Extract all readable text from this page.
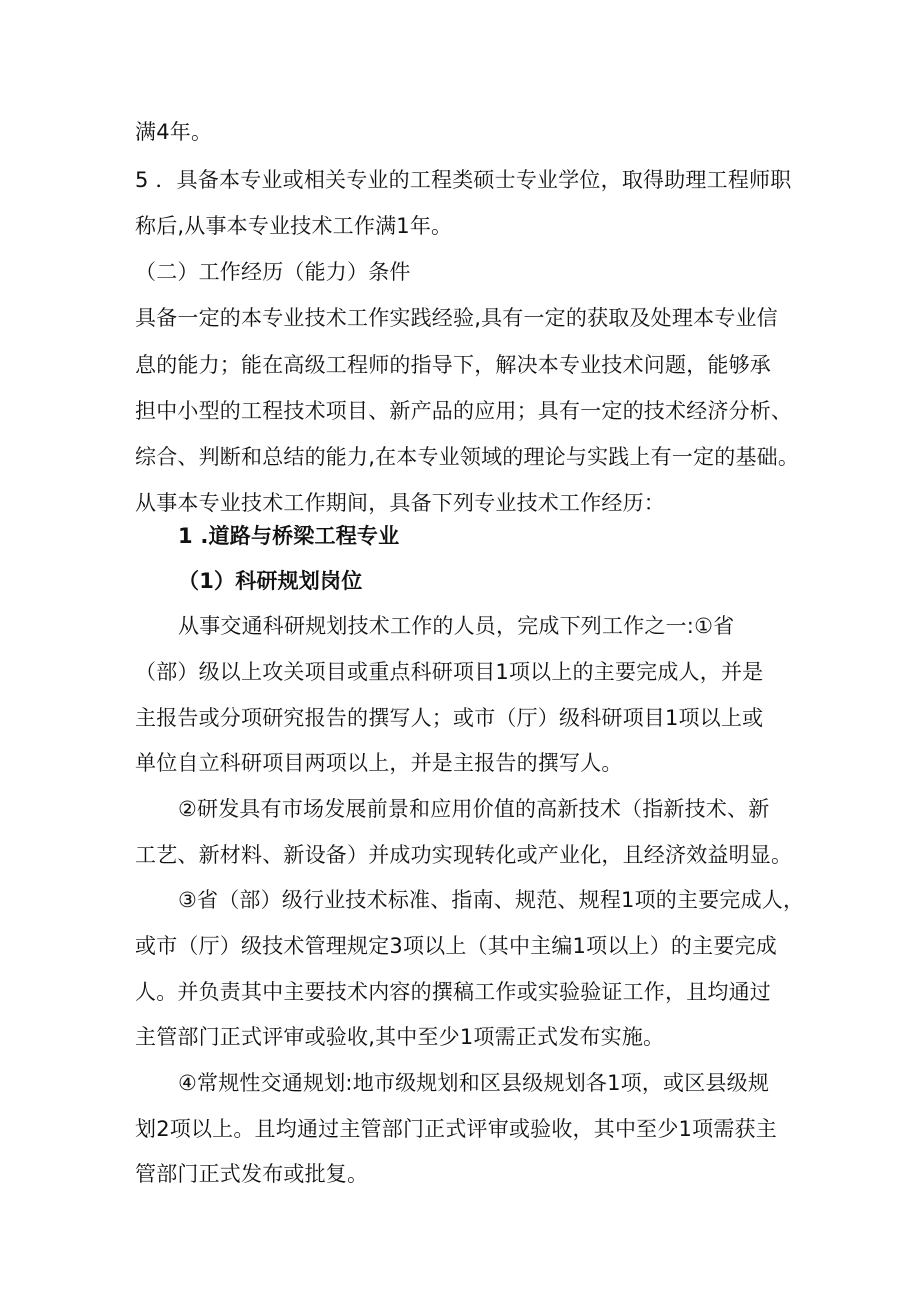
满4年。
5 ．具备本专业或相关专业的工程类硕士专业学位，取得助理工程师职
称后,从事本专业技术工作满1年。
（二）工作经历（能力）条件
具备一定的本专业技术工作实践经验,具有一定的获取及处理本专业信
息的能力；能在高级工程师的指导下，解决本专业技术问题，能够承
担中小型的工程技术项目、新产品的应用；具有一定的技术经济分析、
综合、判断和总结的能力,在本专业领域的理论与实践上有一定的基础。
从事本专业技术工作期间，具备下列专业技术工作经历：
1 .道路与桥梁工程专业
（1）科研规划岗位
从事交通科研规划技术工作的人员，完成下列工作之一:①省
（部）级以上攻关项目或重点科研项目1项以上的主要完成人，并是
主报告或分项研究报告的撰写人；或市（厅）级科研项目1项以上或
单位自立科研项目两项以上，并是主报告的撰写人。
②研发具有市场发展前景和应用价值的高新技术（指新技术、新
工艺、新材料、新设备）并成功实现转化或产业化，且经济效益明显。
③省（部）级行业技术标准、指南、规范、规程1项的主要完成人，
或市（厅）级技术管理规定3项以上（其中主编1项以上）的主要完成
人。并负责其中主要技术内容的撰稿工作或实验验证工作，且均通过
主管部门正式评审或验收,其中至少1项需正式发布实施。
④常规性交通规划:地市级规划和区县级规划各1项，或区县级规
划2项以上。且均通过主管部门正式评审或验收，其中至少1项需获主
管部门正式发布或批复。
